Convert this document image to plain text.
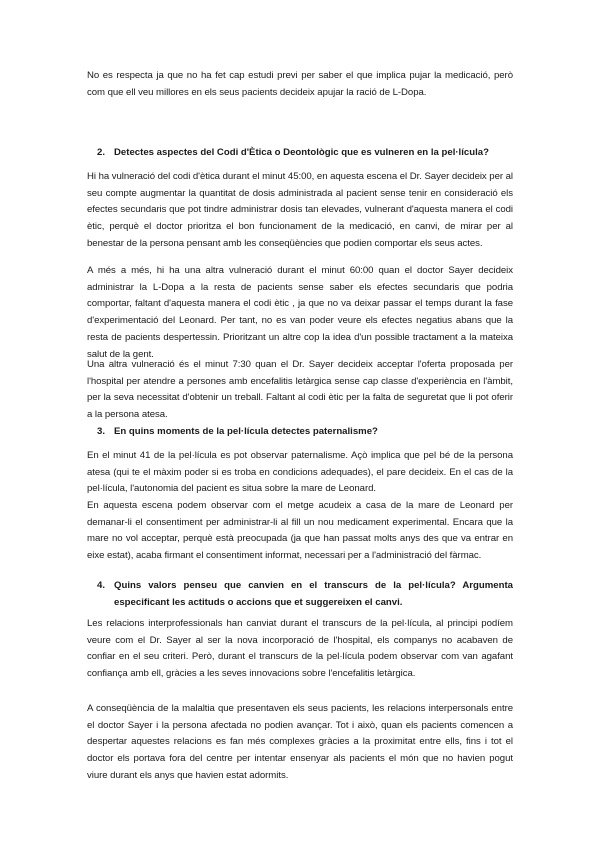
No es respecta ja que no ha fet cap estudi previ per saber el que implica pujar la medicació, però com que ell veu millores en els seus pacients decideix apujar la ració de L-Dopa.

2. Detectes aspectes del Codi d'Ètica o Deontològic que es vulneren en la pel·lícula?

Hi ha vulneració del codi d'ètica durant el minut 45:00, en aquesta escena el Dr. Sayer decideix per al seu compte augmentar la quantitat de dosis administrada al pacient sense tenir en consideració els efectes secundaris que pot tindre administrar dosis tan elevades, vulnerant d'aquesta manera el codi ètic, perquè el doctor prioritza el bon funcionament de la medicació, en canvi, de mirar per al benestar de la persona pensant amb les conseqüències que podien comportar els seus actes.

A més a més, hi ha una altra vulneració durant el minut 60:00 quan el doctor Sayer decideix administrar la L-Dopa a la resta de pacients sense saber els efectes secundaris que podria comportar, faltant d'aquesta manera el codi ètic , ja que no va deixar passar el temps durant la fase d'experimentació del Leonard. Per tant, no es van poder veure els efectes negatius abans que la resta de pacients despertessin. Prioritzant un altre cop la idea d'un possible tractament a la mateixa salut de la gent.

Una altra vulneració és el minut 7:30 quan el Dr. Sayer decideix acceptar l'oferta proposada per l'hospital per atendre a persones amb encefalitis letàrgica sense cap classe d'experiència en l'àmbit, per la seva necessitat d'obtenir un treball. Faltant al codi ètic per la falta de seguretat que li pot oferir a la persona atesa.

3. En quins moments de la pel·lícula detectes paternalisme?

En el minut 41 de la pel·lícula es pot observar paternalisme. Açò implica que pel bé de la persona atesa (qui te el màxim poder si es troba en condicions adequades), el pare decideix. En el cas de la pel·lícula, l'autonomia del pacient es situa sobre la mare de Leonard.

En aquesta escena podem observar com el metge acudeix a casa de la mare de Leonard per demanar-li el consentiment per administrar-li al fill un nou medicament experimental. Encara que la mare no vol acceptar, perquè està preocupada (ja que han passat molts anys des que va entrar en eixe estat), acaba firmant el consentiment informat, necessari per a l'administració del fàrmac.

4. Quins valors penseu que canvien en el transcurs de la pel·lícula? Argumenta especificant les actituds o accions que et suggereixen el canvi.

Les relacions interprofessionals han canviat durant el transcurs de la pel·lícula, al principi podíem veure com el Dr. Sayer al ser la nova incorporació de l'hospital, els companys no acabaven de confiar en el seu criteri. Però, durant el transcurs de la pel·lícula podem observar com van agafant confiança amb ell, gràcies a les seves innovacions sobre l'encefalitis letàrgica.

A conseqüència de la malaltia que presentaven els seus pacients, les relacions interpersonals entre el doctor Sayer i la persona afectada no podien avançar. Tot i això, quan els pacients comencen a despertar aquestes relacions es fan més complexes gràcies a la proximitat entre ells, fins i tot el doctor els portava fora del centre per intentar ensenyar als pacients el món que no havien pogut viure durant els anys que havien estat adormits.
